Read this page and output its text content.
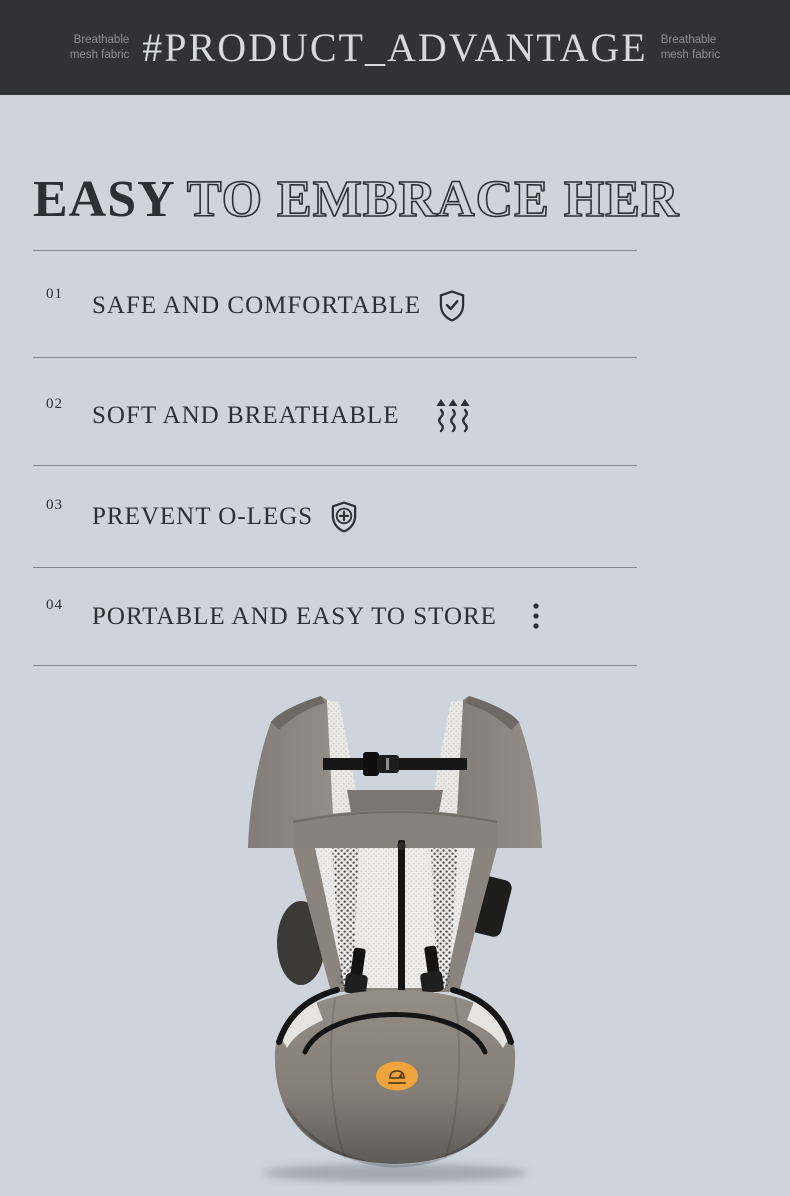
Breathable
mesh fabric #PRODUCT_ADVANTAGE Breathable
mesh fabric
EASY TO EMBRACE HER
01 SAFE AND COMFORTABLE
02 SOFT AND BREATHABLE
03 PREVENT O-LEGS
04 PORTABLE AND EASY TO STORE
